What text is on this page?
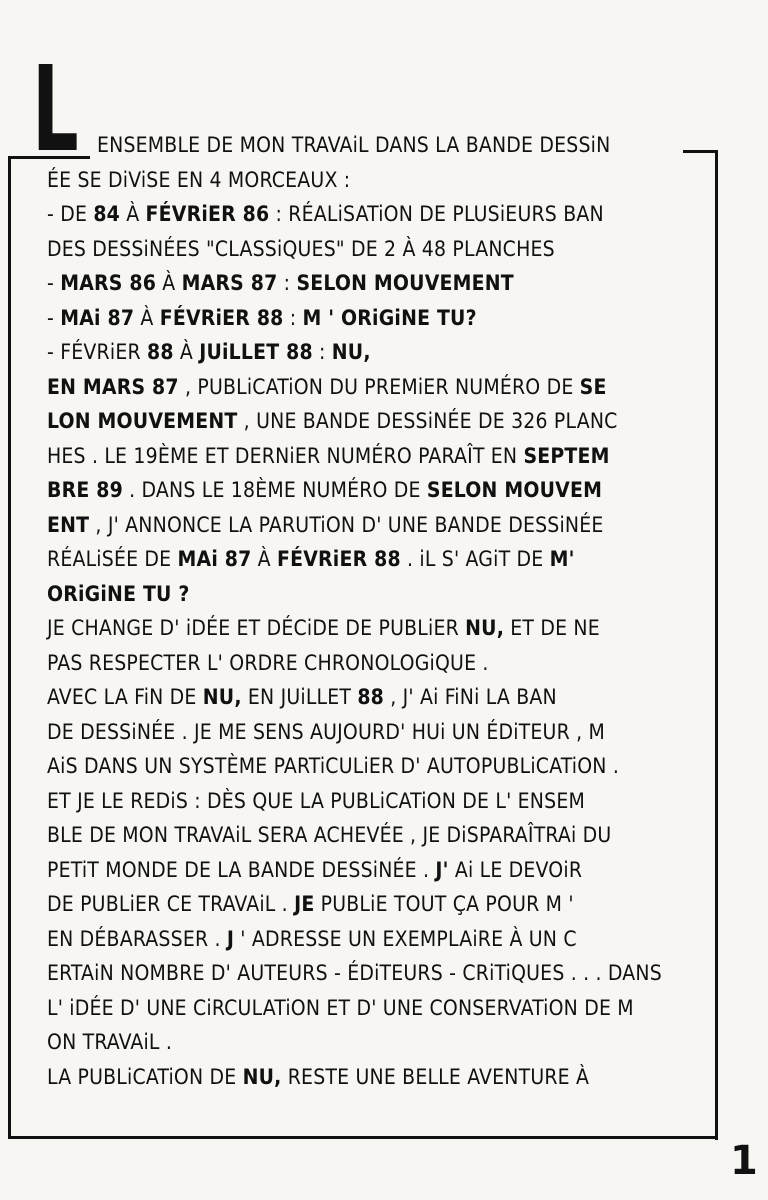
L ENSEMBLE DE MON TRAVAiL DANS LA BANDE DESSiN
ÉE SE DiViSE EN 4 MORCEAUX :
- DE 84 À FÉVRiER 86 : RÉALiSATiON DE PLUSiEURS BAN
DES DESSiNÉES "CLASSiQUES" DE 2 À 48 PLANCHES
- MARS 86 À MARS 87 : SELON MOUVEMENT
- MAi 87 À FÉVRiER 88 : M ' ORiGiNE TU?
- FÉVRiER 88 À JUiLLET 88 : NU,
EN MARS 87 , PUBLiCATiON DU PREMiER NUMÉRO DE SE
LON MOUVEMENT , UNE BANDE DESSiNÉE DE 326 PLANC
HES . LE 19ÈME ET DERNiER NUMÉRO PARAÎT EN SEPTEM
BRE 89 . DANS LE 18ÈME NUMÉRO DE SELON MOUVEM
ENT , J' ANNONCE LA PARUTiON D' UNE BANDE DESSiNÉE
RÉALiSÉE DE MAi 87 À FÉVRiER 88 . iL S' AGiT DE M'
ORiGiNE TU ?
JE CHANGE D' iDÉE ET DÉCiDE DE PUBLiER NU, ET DE NE
PAS RESPECTER L' ORDRE CHRONOLOGiQUE .
AVEC LA FiN DE NU, EN JUiLLET 88 , J' Ai FiNi LA BAN
DE DESSiNÉE . JE ME SENS AUJOURD' HUi UN ÉDiTEUR , M
AiS DANS UN SYSTÈME PARTiCULiER D' AUTOPUBLiCATiON .
ET JE LE REDiS : DÈS QUE LA PUBLiCATiON DE L' ENSEM
BLE DE MON TRAVAiL SERA ACHEVÉE , JE DiSPARAÎTRAi DU
PETiT MONDE DE LA BANDE DESSiNÉE . J' Ai LE DEVOiR
DE PUBLiER CE TRAVAiL . JE PUBLiE TOUT ÇA POUR M '
EN DÉBARASSER . J ' ADRESSE UN EXEMPLAiRE À UN C
ERTAiN NOMBRE D' AUTEURS - ÉDiTEURS - CRiTiQUES . . . DANS
L' iDÉE D' UNE CiRCULATiON ET D' UNE CONSERVATiON DE M
ON TRAVAiL .
LA PUBLiCATiON DE NU, RESTE UNE BELLE AVENTURE À
1
